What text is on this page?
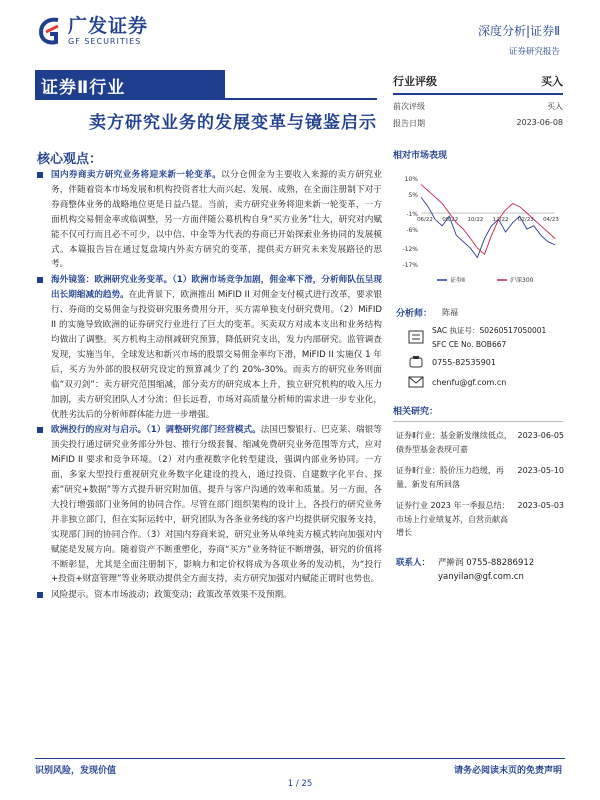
广发证券
GF SECURITIES
深度分析|证券Ⅱ
证券研究报告
证券Ⅱ行业
卖方研究业务的发展变革与镜鉴启示
行业评级	买入
前次评级	买入
报告日期	2023-06-08
核心观点：
国内券商卖方研究业务将迎来新一轮变革。以分仓佣金为主要收入来源的卖方研究业务，伴随着资本市场发展和机构投资者壮大而兴起、发展、成熟，在全面注册制下对于券商整体业务的战略地位更是日益凸显。当前，卖方研究业务将迎来新一轮变革，一方面机构交易佣金率或临调整，另一方面伴随公募机构自身“买方业务”壮大，研究对内赋能不仅可行而且必不可少，以中信、中金等为代表的券商已开始探索业务协同的发展模式。本篇报告旨在通过复盘境内外卖方研究的变革，提供卖方研究未来发展路径的思考。
海外镜鉴：欧洲研究业务变革。（1）欧洲市场竞争加剧，佣金率下滑，分析师队伍呈现出长期缩减的趋势。在此背景下，欧洲推出 MiFID II 对佣金支付模式进行改革，要求银行、券商的交易佣金与投资研究服务费用分开，买方需单独支付研究费用。（2）MiFID II 的实施导致欧洲的证券研究行业进行了巨大的变革。买卖双方对成本支出和业务结构均做出了调整。买方机构主动削减研究预算，降低研究支出，发力内部研究。监管调查发现，实施当年，全球发达和新兴市场的股票交易佣金率均下滑，MiFID II 实施仅 1 年后，买方为外部的股权研究设定的预算减少了约 20%-30%。而卖方的研究业务则面临“双刃剑”：卖方研究范围缩减，部分卖方的研究成本上升，独立研究机构的收入压力加剧，卖方研究团队人才分流；但长远看，市场对高质量分析师的需求进一步专业化，优胜劣汰后的分析师群体能力进一步增强。
欧洲投行的应对与启示。（1）调整研究部门经营模式。法国巴黎银行、巴克莱、瑞银等顶尖投行通过研究业务部分外包、推行分级套餐、缩减免费研究业务范围等方式，应对 MiFID II 要求和竞争环境。（2）对内重视数字化转型建设，强调内部业务协同。一方面，多家大型投行重视研究业务数字化建设的投入，通过投资、自建数字化平台、探索“研究+数据”等方式提升研究附加值，提升与客户沟通的效率和质量。另一方面，各大投行增强部门业务间的协同合作。尽管在部门组织架构的设计上，各投行的研究业务并非独立部门，但在实际运转中，研究团队为各条业务线的客户均提供研究服务支持，实现部门间的协同合作。（3）对国内券商来说，研究业务从单纯卖方模式转向加强对内赋能是发展方向。随着资产不断重塑化，券商“买方”业务特征不断增强，研究的价值将不断彰显，尤其是全面注册制下，影响力和定价权将成为各项业务的发动机，为“投行+投资+财富管理”等业务联动提供全方面支持，卖方研究加强对内赋能正谓时也势也。
风险提示。资本市场波动；政策变动；政策改革效果不及预期。
相对市场表现
10%
5%
-1%
-6%
-12%
-17%
06/22 08/22 10/22 12/22 02/23 04/23
证券Ⅱ	沪深300
分析师：	陈福
SAC 执证号：S0260517050001
SFC CE No. BOB667
0755-82535901
chenfu@gf.com.cn
相关研究：
证券Ⅱ行业：基金新发继续低点，债券型基金表现可嘉
2023-06-05
证券Ⅱ行业：股价压力趋缓，再量、新发有所回落
2023-05-10
证券行业 2023 年一季报总结：市场上行业绩复苏，自营贡献高增长
2023-05-03
联系人： 严擀润 0755-88286912
yanyilan@gf.com.cn
识别风险，发现价值	请务必阅读末页的免责声明
1 / 25
